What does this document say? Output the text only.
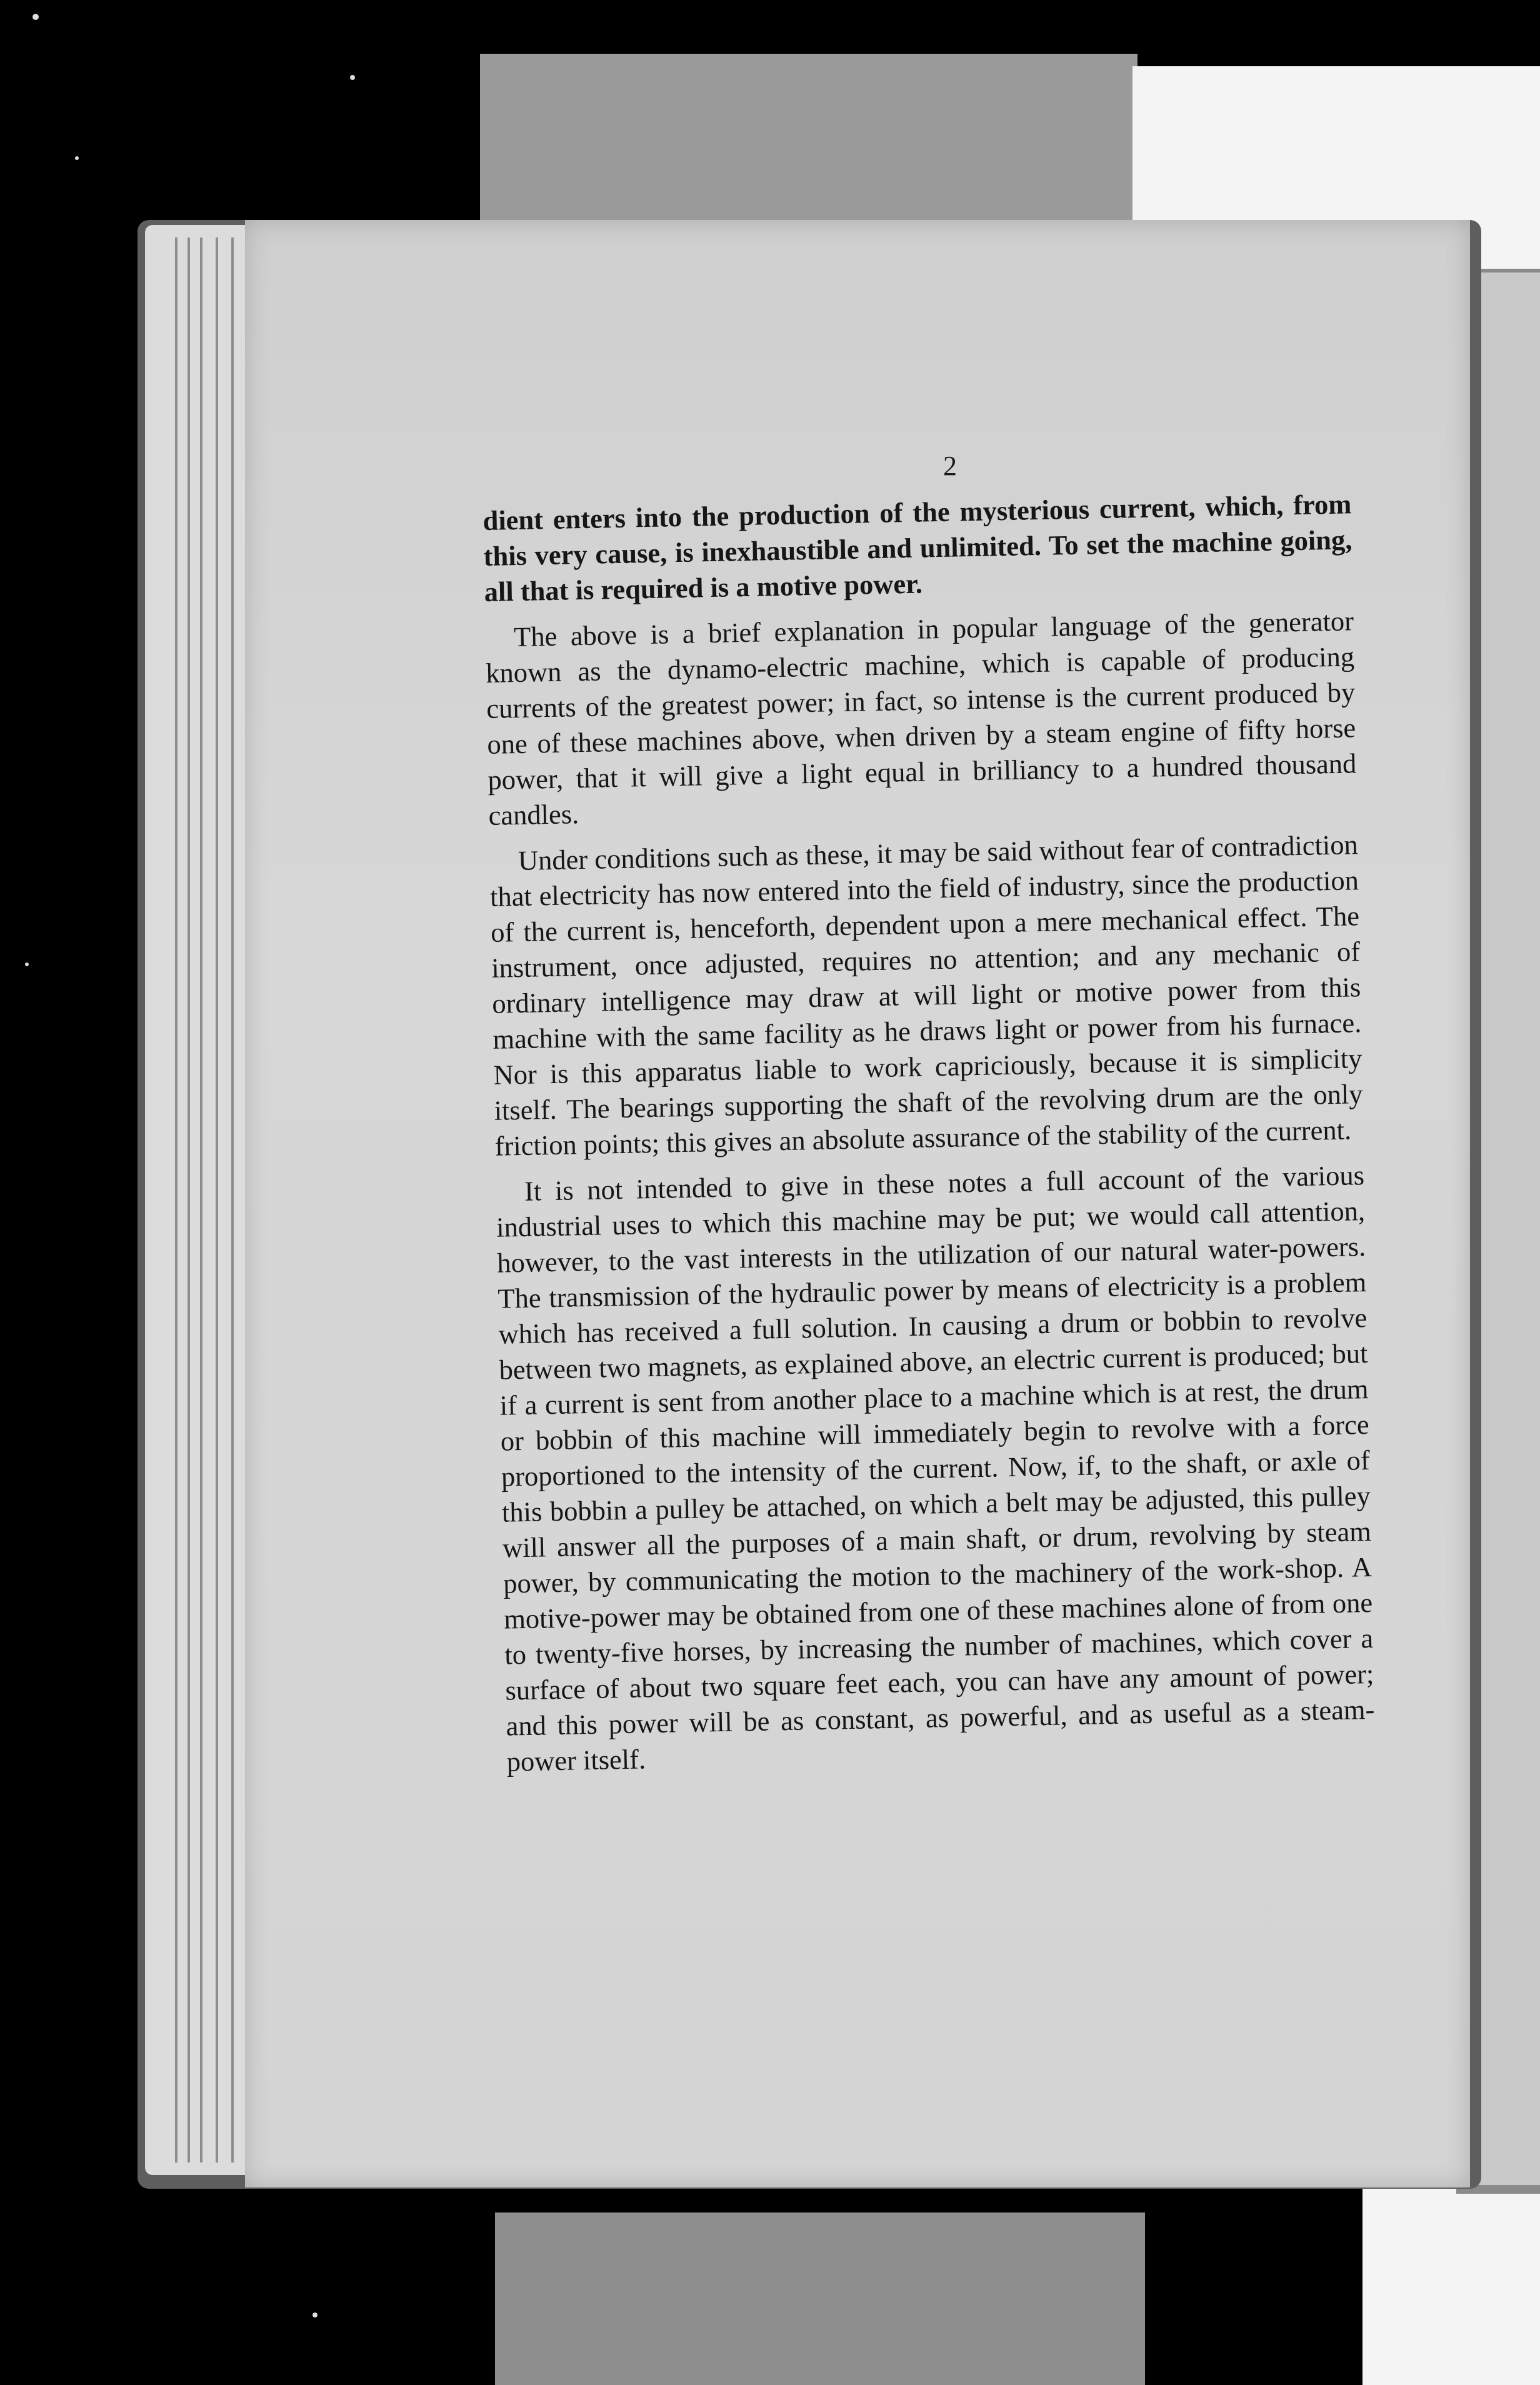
2

dient enters into the production of the mysterious current, which, from this very cause, is inexhaustible and unlimited. To set the machine going, all that is required is a motive power.

The above is a brief explanation in popular language of the generator known as the dynamo-electric machine, which is capable of producing currents of the greatest power; in fact, so intense is the current produced by one of these machines above, when driven by a steam engine of fifty horse power, that it will give a light equal in brilliancy to a hundred thousand candles.

Under conditions such as these, it may be said without fear of contradiction that electricity has now entered into the field of industry, since the production of the current is, henceforth, dependent upon a mere mechanical effect. The instrument, once adjusted, requires no attention; and any mechanic of ordinary intelligence may draw at will light or motive power from this machine with the same facility as he draws light or power from his furnace. Nor is this apparatus liable to work capriciously, because it is simplicity itself. The bearings supporting the shaft of the revolving drum are the only friction points; this gives an absolute assurance of the stability of the current.

It is not intended to give in these notes a full account of the various industrial uses to which this machine may be put; we would call attention, however, to the vast interests in the utilization of our natural water-powers. The transmission of the hydraulic power by means of electricity is a problem which has received a full solution. In causing a drum or bobbin to revolve between two magnets, as explained above, an electric current is produced; but if a current is sent from another place to a machine which is at rest, the drum or bobbin of this machine will immediately begin to revolve with a force proportioned to the intensity of the current. Now, if, to the shaft, or axle of this bobbin a pulley be attached, on which a belt may be adjusted, this pulley will answer all the purposes of a main shaft, or drum, revolving by steam power, by communicating the motion to the machinery of the work-shop. A motive-power may be obtained from one of these machines alone of from one to twenty-five horses, by increasing the number of machines, which cover a surface of about two square feet each, you can have any amount of power; and this power will be as constant, as powerful, and as useful as a steam-power itself.
